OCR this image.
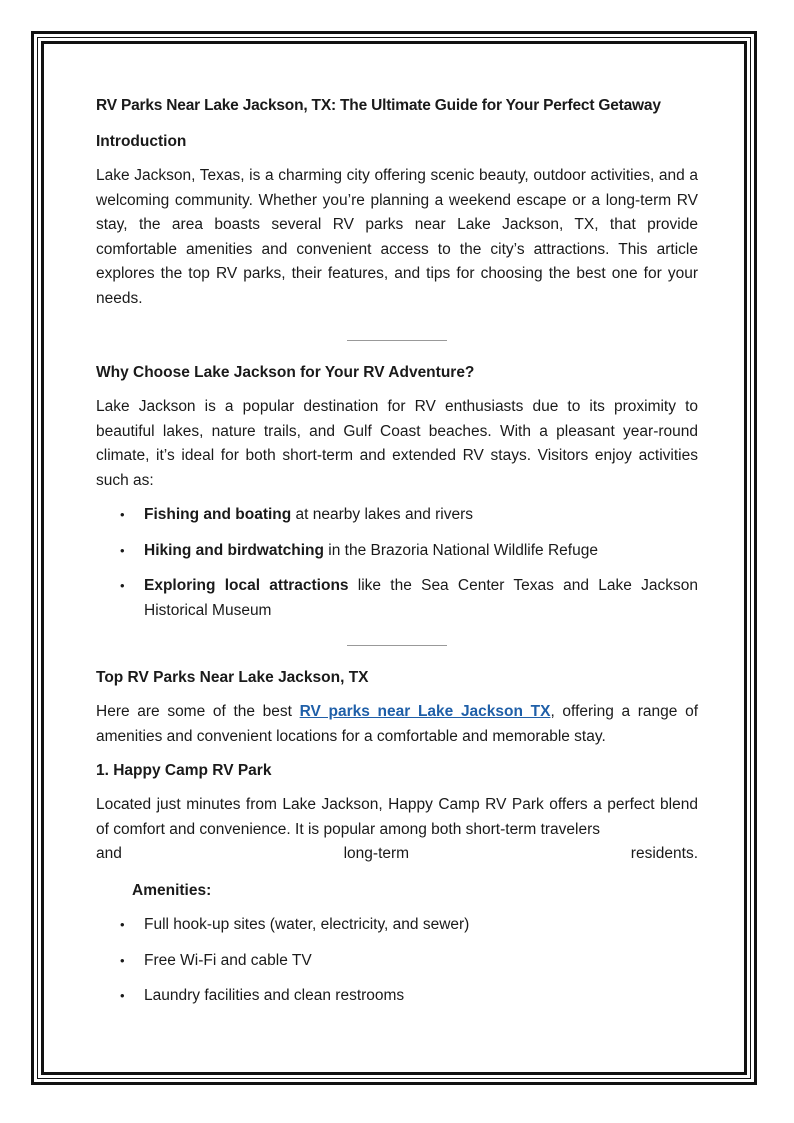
RV Parks Near Lake Jackson, TX: The Ultimate Guide for Your Perfect Getaway
Introduction

Lake Jackson, Texas, is a charming city offering scenic beauty, outdoor activities, and a welcoming community. Whether you’re planning a weekend escape or a long-term RV stay, the area boasts several RV parks near Lake Jackson, TX, that provide comfortable amenities and convenient access to the city’s attractions. This article explores the top RV parks, their features, and tips for choosing the best one for your needs.

Why Choose Lake Jackson for Your RV Adventure?

Lake Jackson is a popular destination for RV enthusiasts due to its proximity to beautiful lakes, nature trails, and Gulf Coast beaches. With a pleasant year-round climate, it’s ideal for both short-term and extended RV stays. Visitors enjoy activities such as:

• Fishing and boating at nearby lakes and rivers
• Hiking and birdwatching in the Brazoria National Wildlife Refuge
• Exploring local attractions like the Sea Center Texas and Lake Jackson Historical Museum
Top RV Parks Near Lake Jackson, TX

Here are some of the best RV parks near Lake Jackson TX, offering a range of amenities and convenient locations for a comfortable and memorable stay.

1. Happy Camp RV Park

Located just minutes from Lake Jackson, Happy Camp RV Park offers a perfect blend of comfort and convenience. It is popular among both short-term travelers

and long-term residents.

Amenities:
• Full hook-up sites (water, electricity, and sewer)
• Free Wi-Fi and cable TV
• Laundry facilities and clean restrooms
